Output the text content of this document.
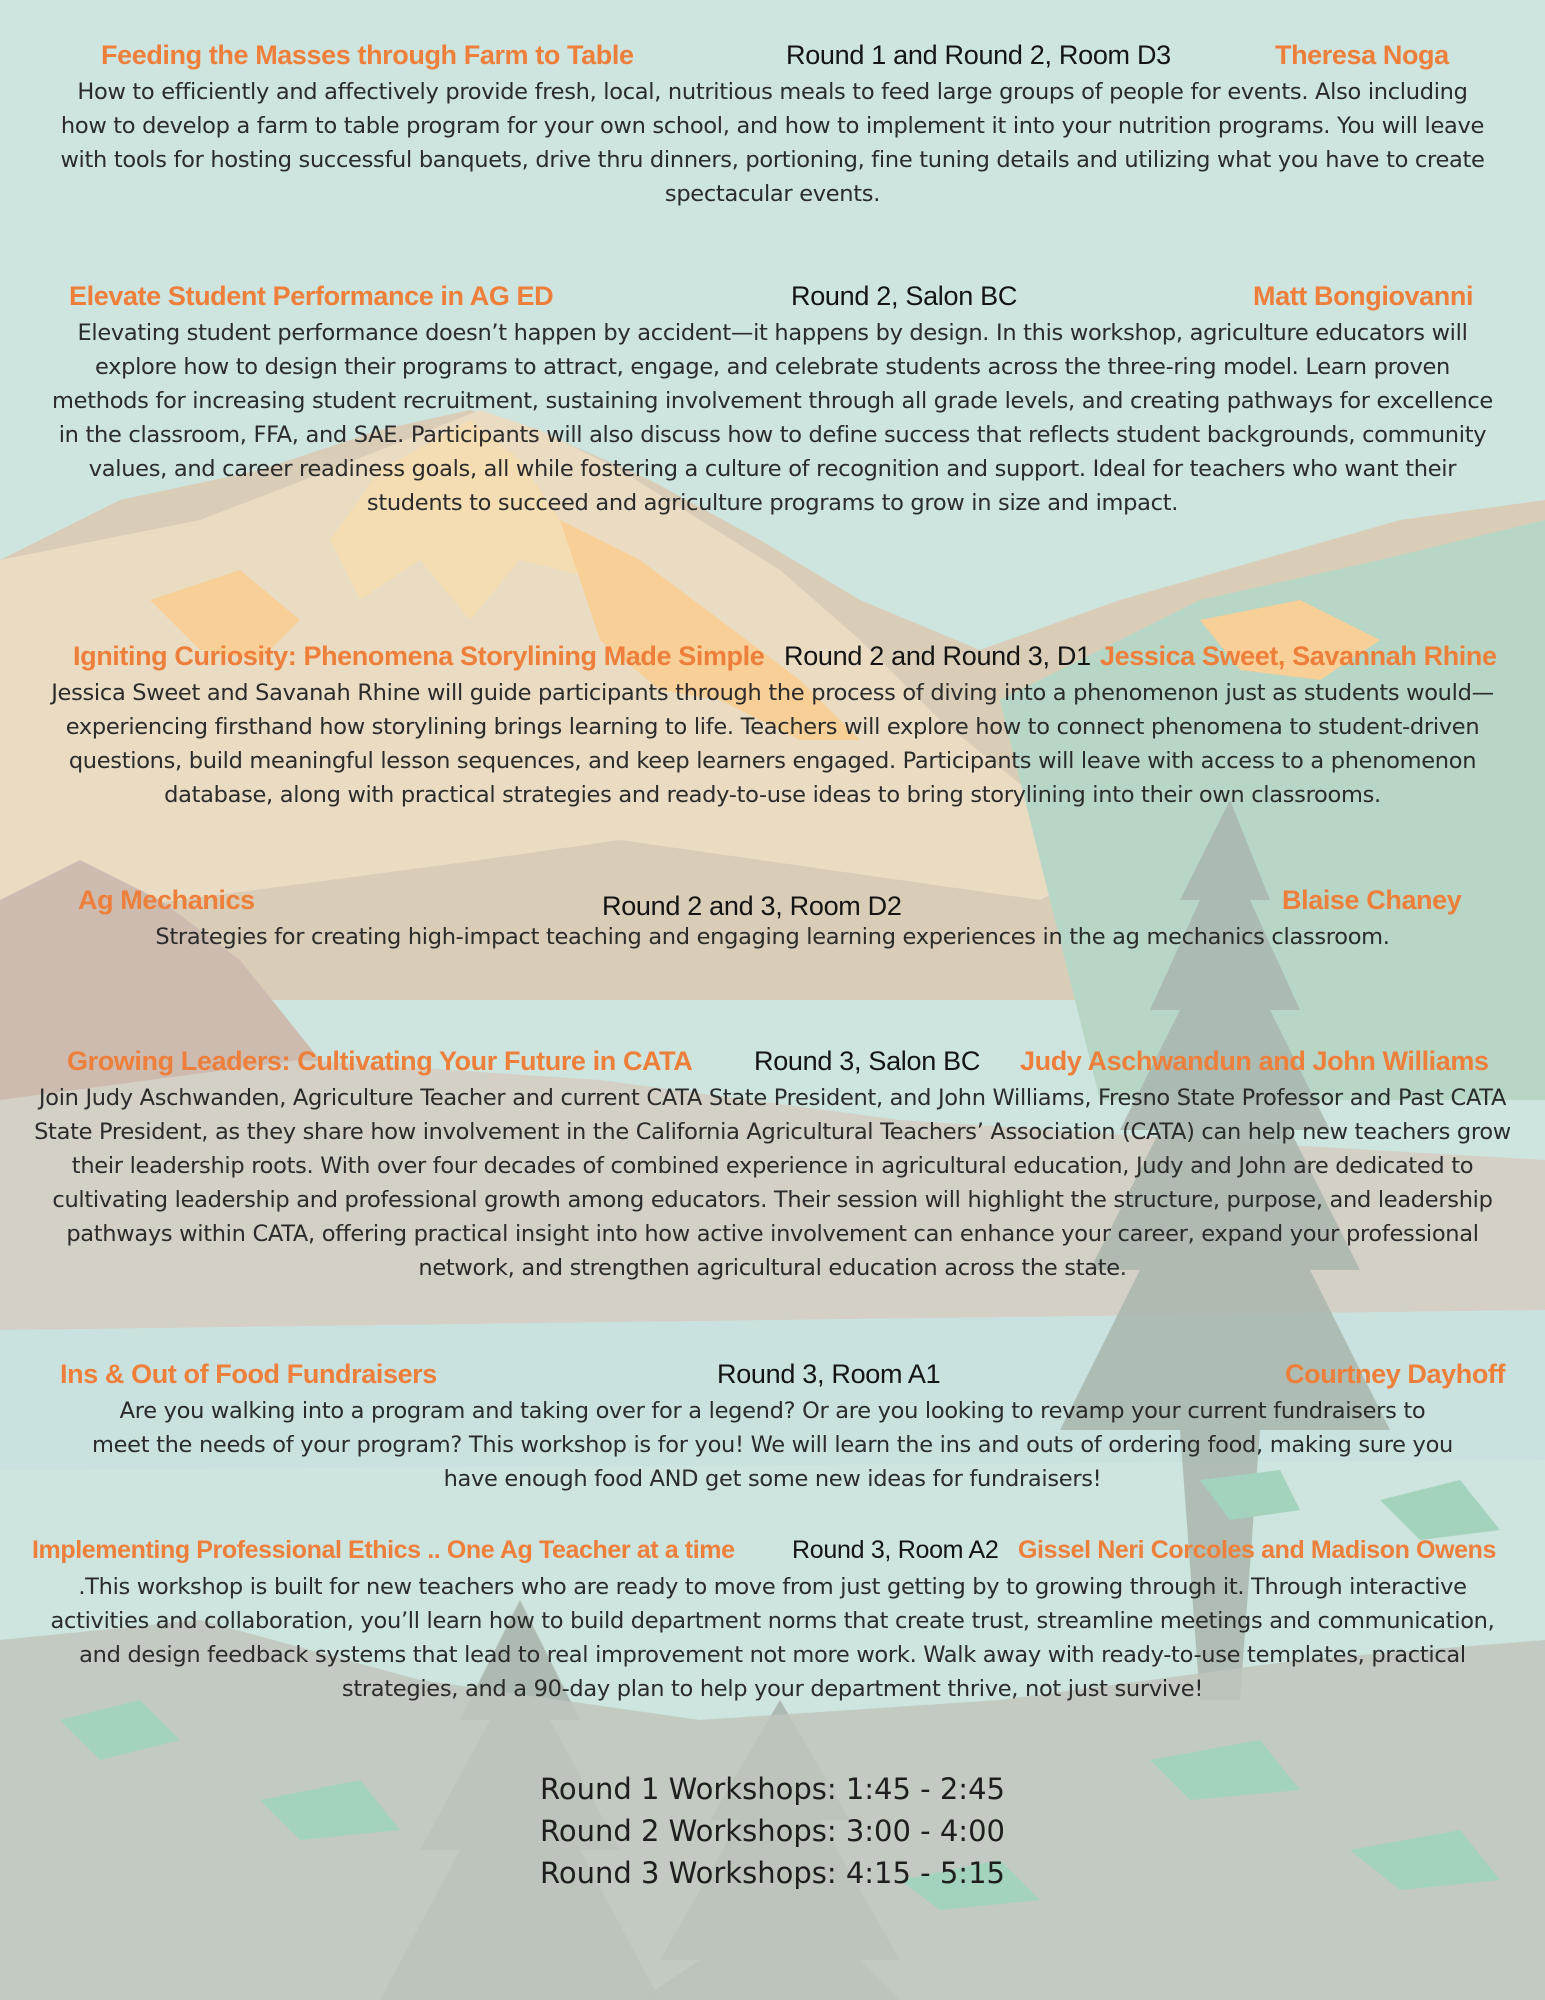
Feeding the Masses through Farm to Table	Round 1 and Round 2, Room D3	Theresa Noga

How to efficiently and affectively provide fresh, local, nutritious meals to feed large groups of people for events. Also including how to develop a farm to table program for your own school, and how to implement it into your nutrition programs. You will leave with tools for hosting successful banquets, drive thru dinners, portioning, fine tuning details and utilizing what you have to create spectacular events.

Elevate Student Performance in AG ED	Round 2, Salon BC	Matt Bongiovanni

Elevating student performance doesn’t happen by accident—it happens by design. In this workshop, agriculture educators will explore how to design their programs to attract, engage, and celebrate students across the three-ring model. Learn proven methods for increasing student recruitment, sustaining involvement through all grade levels, and creating pathways for excellence in the classroom, FFA, and SAE. Participants will also discuss how to define success that reflects student backgrounds, community values, and career readiness goals, all while fostering a culture of recognition and support. Ideal for teachers who want their students to succeed and agriculture programs to grow in size and impact.

Igniting Curiosity: Phenomena Storylining Made Simple Round 2 and Round 3, D1 Jessica Sweet, Savannah Rhine

Jessica Sweet and Savanah Rhine will guide participants through the process of diving into a phenomenon just as students would—experiencing firsthand how storylining brings learning to life. Teachers will explore how to connect phenomena to student-driven questions, build meaningful lesson sequences, and keep learners engaged. Participants will leave with access to a phenomenon database, along with practical strategies and ready-to-use ideas to bring storylining into their own classrooms.

Ag Mechanics	Round 2 and 3, Room D2	Blaise Chaney

Strategies for creating high-impact teaching and engaging learning experiences in the ag mechanics classroom.

Growing Leaders: Cultivating Your Future in CATA Round 3, Salon BC Judy Aschwandun and John Williams

Join Judy Aschwanden, Agriculture Teacher and current CATA State President, and John Williams, Fresno State Professor and Past CATA State President, as they share how involvement in the California Agricultural Teachers’ Association (CATA) can help new teachers grow their leadership roots. With over four decades of combined experience in agricultural education, Judy and John are dedicated to cultivating leadership and professional growth among educators. Their session will highlight the structure, purpose, and leadership pathways within CATA, offering practical insight into how active involvement can enhance your career, expand your professional network, and strengthen agricultural education across the state.

Ins & Out of Food Fundraisers	Round 3, Room A1	Courtney Dayhoff

Are you walking into a program and taking over for a legend? Or are you looking to revamp your current fundraisers to meet the needs of your program? This workshop is for you! We will learn the ins and outs of ordering food, making sure you have enough food AND get some new ideas for fundraisers!

Implementing Professional Ethics .. One Ag Teacher at a time Round 3, Room A2 Gissel Neri Corcoles and Madison Owens

.This workshop is built for new teachers who are ready to move from just getting by to growing through it. Through interactive activities and collaboration, you’ll learn how to build department norms that create trust, streamline meetings and communication, and design feedback systems that lead to real improvement not more work. Walk away with ready-to-use templates, practical strategies, and a 90-day plan to help your department thrive, not just survive!

Round 1 Workshops: 1:45 - 2:45
Round 2 Workshops: 3:00 - 4:00
Round 3 Workshops: 4:15 - 5:15
